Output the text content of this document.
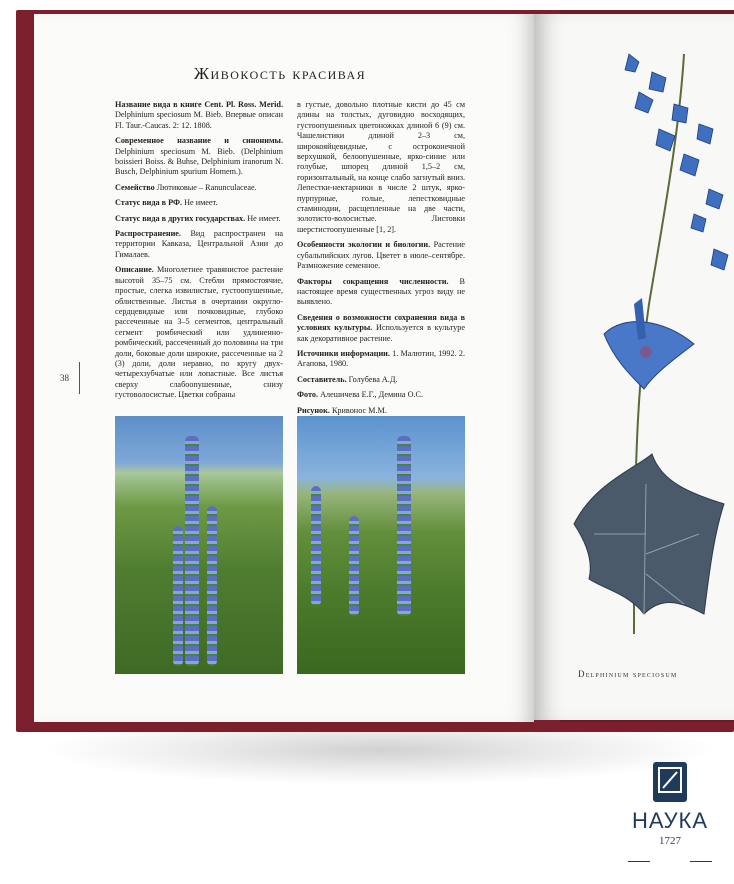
Живокость красивая

Название вида в книге Cent. Pl. Ross. Merid. Delphinium speciosum M. Bieb. Впервые описан Fl. Taur.-Caucas. 2: 12. 1808.

Современное название и синонимы. Delphinium speciosum M. Bieb. (Delphinium boissieri Boiss. & Buhse, Delphinium iranorum N. Busch, Delphinium spurium Homem.).

Семейство Лютиковые – Ranunculaceae.

Статус вида в РФ. Не имеет.

Статус вида в других государствах. Не имеет.

Распространение. Вид распространен на территории Кавказа, Центральной Азии до Гималаев.

Описание. Многолетнее травянистое растение высотой 35–75 см. Стебли прямостоячие, простые, слегка извилистые, густоопушенные, облиственные. Листья в очертании округло-сердцевидные или почковидные, глубоко рассеченные на 3–5 сегментов, центральный сегмент ромбический или удлиненно-ромбический, рассеченный до половины на три доли, боковые доли широкие, рассеченные на 2 (3) доли, доли неравно, по кругу двух-четырехзубчатые или лопастные. Все листья сверху слабоопушенные, снизу густоволосистые. Цветки собраны

в густые, довольно плотные кисти до 45 см длины на толстых, дуговидно восходящих, густоопушенных цветоножках длиной 6 (9) см. Чашелистики длиной 2–3 см, широкояйцевидные, с остроконечной верхушкой, белоопушенные, ярко-синие или голубые, шпорец длиной 1,5–2 см, горизонтальный, на конце слабо загнутый вниз. Лепестки-нектарники в числе 2 штук, ярко-пурпурные, голые, лепестковидные стаминодии, расщепленные на две части, золотисто-волосистые. Листовки шерстистоопушенные [1, 2].

Особенности экологии и биологии. Растение субальпийских лугов. Цветет в июле–сентябре. Размножение семенное.

Факторы сокращения численности. В настоящее время существенных угроз виду не выявлено.

Сведения о возможности сохранения вида в условиях культуры. Используется в культуре как декоративное растение.

Источники информации. 1. Малютин, 1992. 2. Агапова, 1980.

Составитель. Голубева А.Д.

Фото. Алешичева Е.Г., Демина О.С.

Рисунок. Кривонос М.М.

38
Delphinium speciosum
НАУКА
1727
